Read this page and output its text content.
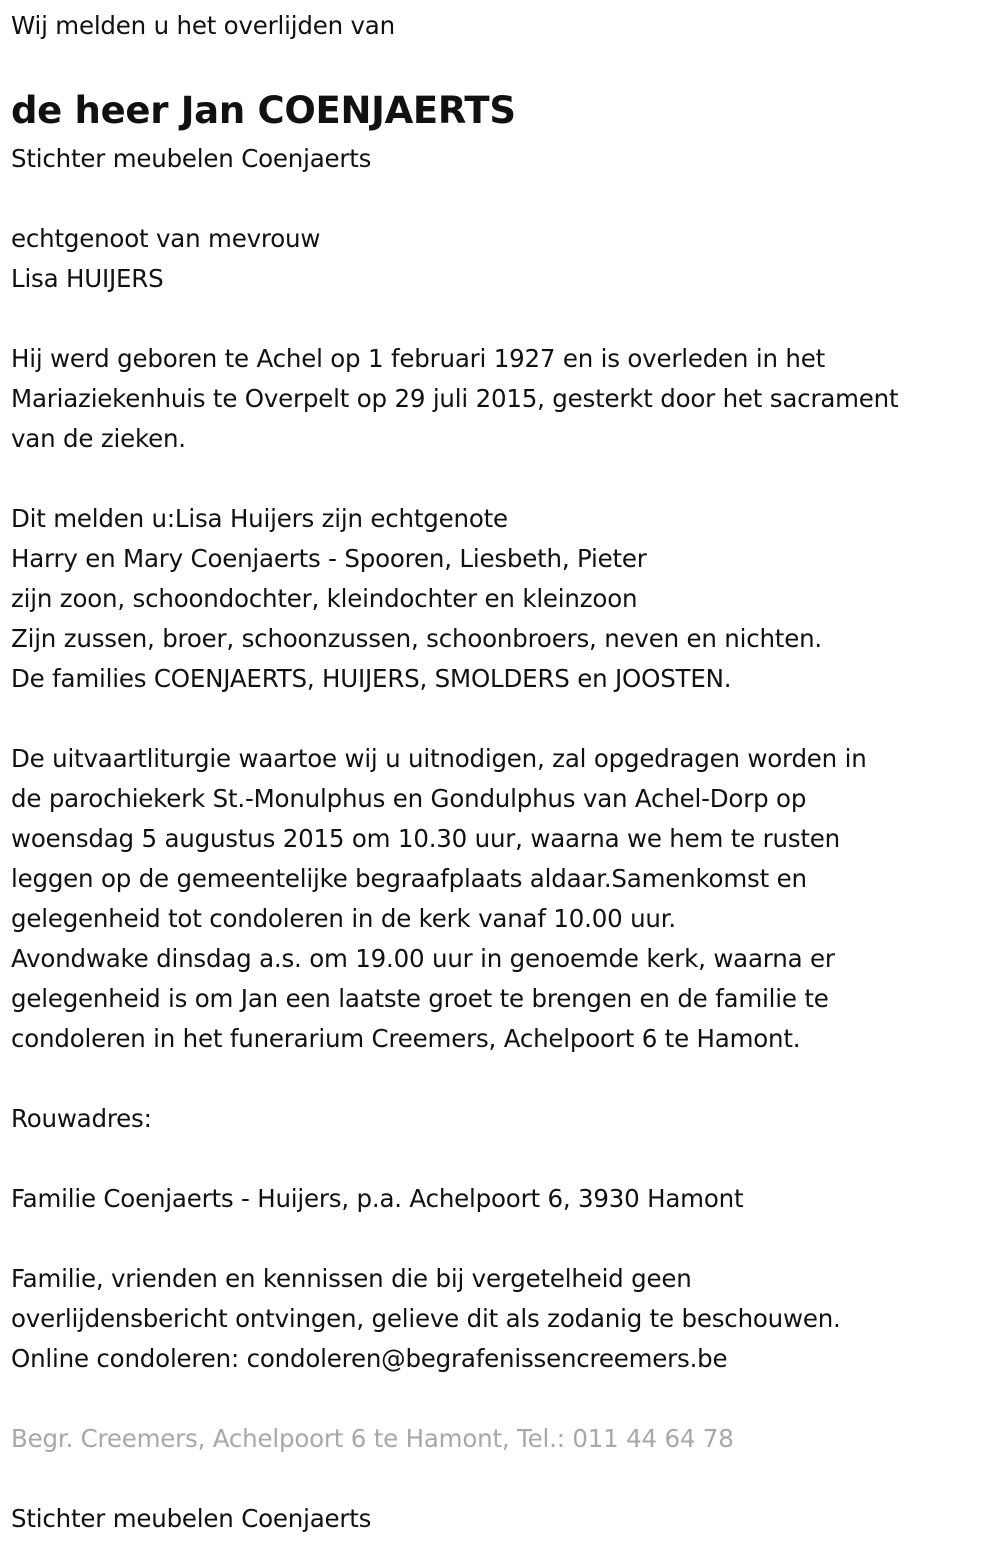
Wij melden u het overlijden van
de heer Jan COENJAERTS
Stichter meubelen Coenjaerts
echtgenoot van mevrouw
Lisa HUIJERS
Hij werd geboren te Achel op 1 februari 1927 en is overleden in het
Mariaziekenhuis te Overpelt op 29 juli 2015, gesterkt door het sacrament
van de zieken.
Dit melden u:Lisa Huijers zijn echtgenote
Harry en Mary Coenjaerts - Spooren, Liesbeth, Pieter
zijn zoon, schoondochter, kleindochter en kleinzoon
Zijn zussen, broer, schoonzussen, schoonbroers, neven en nichten.
De families COENJAERTS, HUIJERS, SMOLDERS en JOOSTEN.
De uitvaartliturgie waartoe wij u uitnodigen, zal opgedragen worden in
de parochiekerk St.-Monulphus en Gondulphus van Achel-Dorp op
woensdag 5 augustus 2015 om 10.30 uur, waarna we hem te rusten
leggen op de gemeentelijke begraafplaats aldaar.Samenkomst en
gelegenheid tot condoleren in de kerk vanaf 10.00 uur.
Avondwake dinsdag a.s. om 19.00 uur in genoemde kerk, waarna er
gelegenheid is om Jan een laatste groet te brengen en de familie te
condoleren in het funerarium Creemers, Achelpoort 6 te Hamont.
Rouwadres:
Familie Coenjaerts - Huijers, p.a. Achelpoort 6, 3930 Hamont
Familie, vrienden en kennissen die bij vergetelheid geen
overlijdensbericht ontvingen, gelieve dit als zodanig te beschouwen.
Online condoleren: condoleren@begrafenissencreemers.be
Begr. Creemers, Achelpoort 6 te Hamont, Tel.: 011 44 64 78
Stichter meubelen Coenjaerts
